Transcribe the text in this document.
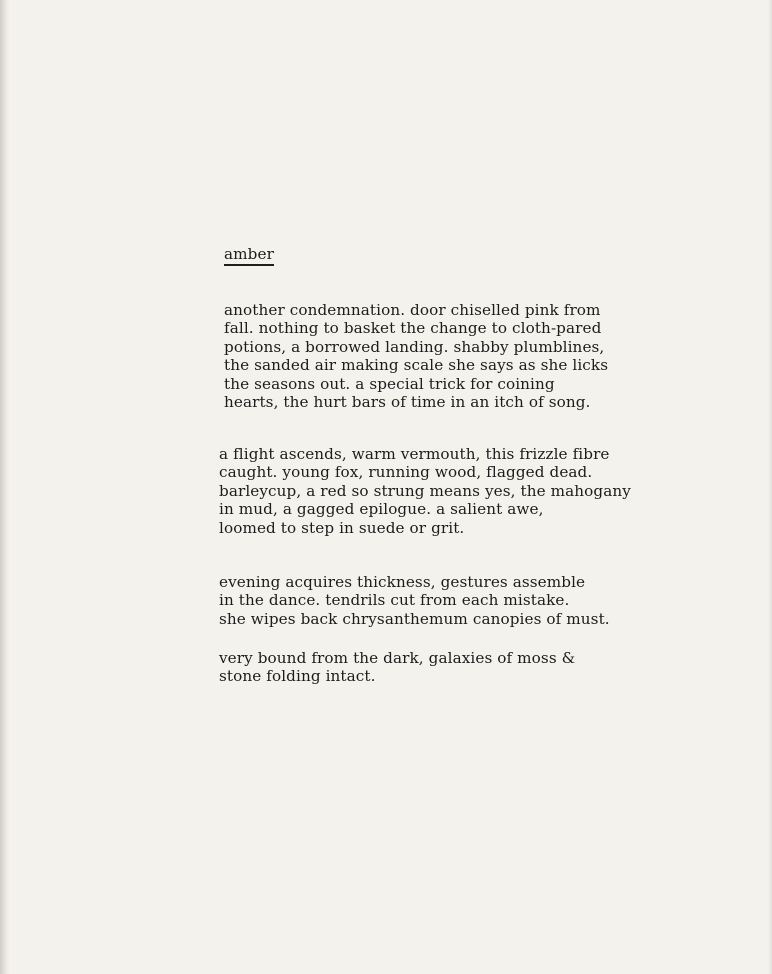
amber
another condemnation. door chiselled pink from
fall. nothing to basket the change to cloth-pared
potions, a borrowed landing. shabby plumblines,
the sanded air making scale she says as she licks
the seasons out. a special trick for coining
hearts, the hurt bars of time in an itch of song.
a flight ascends, warm vermouth, this frizzle fibre
caught. young fox, running wood, flagged dead.
barleycup, a red so strung means yes, the mahogany
in mud, a gagged epilogue. a salient awe,
loomed to step in suede or grit.
evening acquires thickness, gestures assemble
in the dance. tendrils cut from each mistake.
she wipes back chrysanthemum canopies of must.
very bound from the dark, galaxies of moss &
stone folding intact.
